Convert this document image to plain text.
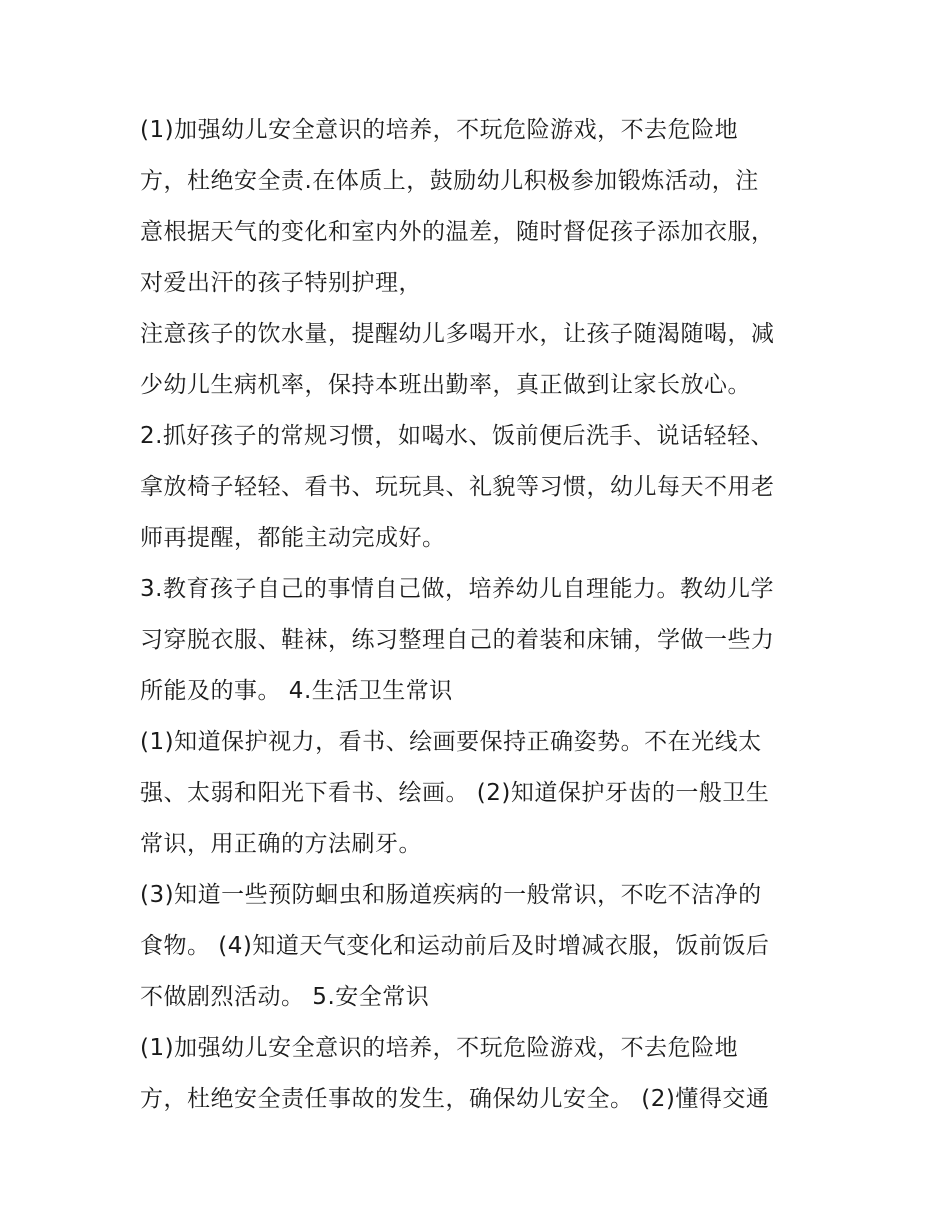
(1)加强幼儿安全意识的培养，不玩危险游戏，不去危险地
方，杜绝安全责.在体质上，鼓励幼儿积极参加锻炼活动，注
意根据天气的变化和室内外的温差，随时督促孩子添加衣服，
对爱出汗的孩子特别护理，
注意孩子的饮水量，提醒幼儿多喝开水，让孩子随渴随喝，减
少幼儿生病机率，保持本班出勤率，真正做到让家长放心。
2.抓好孩子的常规习惯，如喝水、饭前便后洗手、说话轻轻、
拿放椅子轻轻、看书、玩玩具、礼貌等习惯，幼儿每天不用老
师再提醒，都能主动完成好。
3.教育孩子自己的事情自己做，培养幼儿自理能力。教幼儿学
习穿脱衣服、鞋袜，练习整理自己的着装和床铺，学做一些力
所能及的事。 4.生活卫生常识
(1)知道保护视力，看书、绘画要保持正确姿势。不在光线太
强、太弱和阳光下看书、绘画。 (2)知道保护牙齿的一般卫生
常识，用正确的方法刷牙。
(3)知道一些预防蛔虫和肠道疾病的一般常识，不吃不洁净的
食物。 (4)知道天气变化和运动前后及时增减衣服，饭前饭后
不做剧烈活动。 5.安全常识
(1)加强幼儿安全意识的培养，不玩危险游戏，不去危险地
方，杜绝安全责任事故的发生，确保幼儿安全。 (2)懂得交通
